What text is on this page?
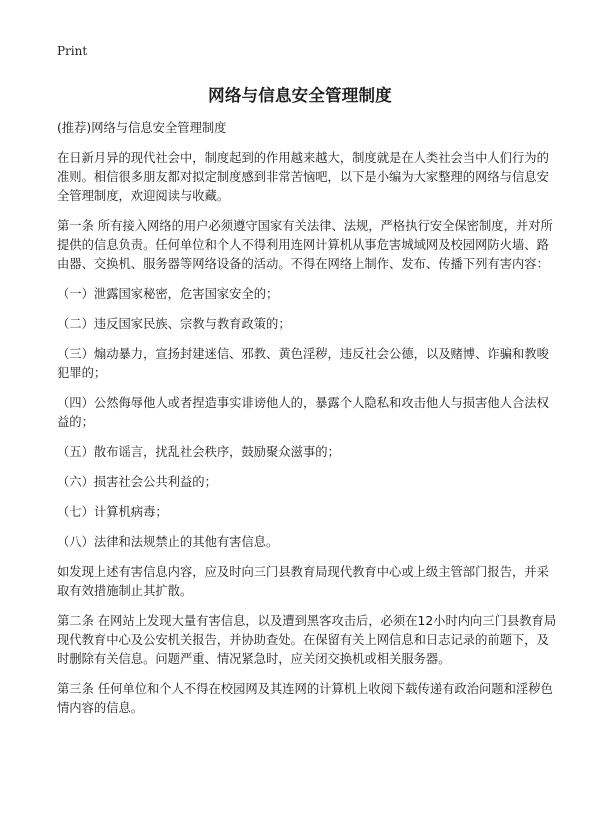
Print
网络与信息安全管理制度

(推荐)网络与信息安全管理制度

在日新月异的现代社会中，制度起到的作用越来越大，制度就是在人类社会当中人们行为的准则。相信很多朋友都对拟定制度感到非常苦恼吧，以下是小编为大家整理的网络与信息安全管理制度，欢迎阅读与收藏。

第一条 所有接入网络的用户必须遵守国家有关法律、法规，严格执行安全保密制度，并对所提供的信息负责。任何单位和个人不得利用连网计算机从事危害城域网及校园网防火墙、路由器、交换机、服务器等网络设备的活动。不得在网络上制作、发布、传播下列有害内容：

（一）泄露国家秘密，危害国家安全的；

（二）违反国家民族、宗教与教育政策的；

（三）煽动暴力，宣扬封建迷信、邪教、黄色淫秽，违反社会公德，以及赌博、诈骗和教唆犯罪的；

（四）公然侮辱他人或者捏造事实诽谤他人的，暴露个人隐私和攻击他人与损害他人合法权益的；

（五）散布谣言，扰乱社会秩序，鼓励聚众滋事的；

（六）损害社会公共利益的；

（七）计算机病毒；

（八）法律和法规禁止的其他有害信息。

如发现上述有害信息内容，应及时向三门县教育局现代教育中心或上级主管部门报告，并采取有效措施制止其扩散。

第二条 在网站上发现大量有害信息，以及遭到黑客攻击后，必须在12小时内向三门县教育局现代教育中心及公安机关报告，并协助查处。在保留有关上网信息和日志记录的前题下，及时删除有关信息。问题严重、情况紧急时，应关闭交换机或相关服务器。

第三条 任何单位和个人不得在校园网及其连网的计算机上收阅下载传递有政治问题和淫秽色情内容的信息。
